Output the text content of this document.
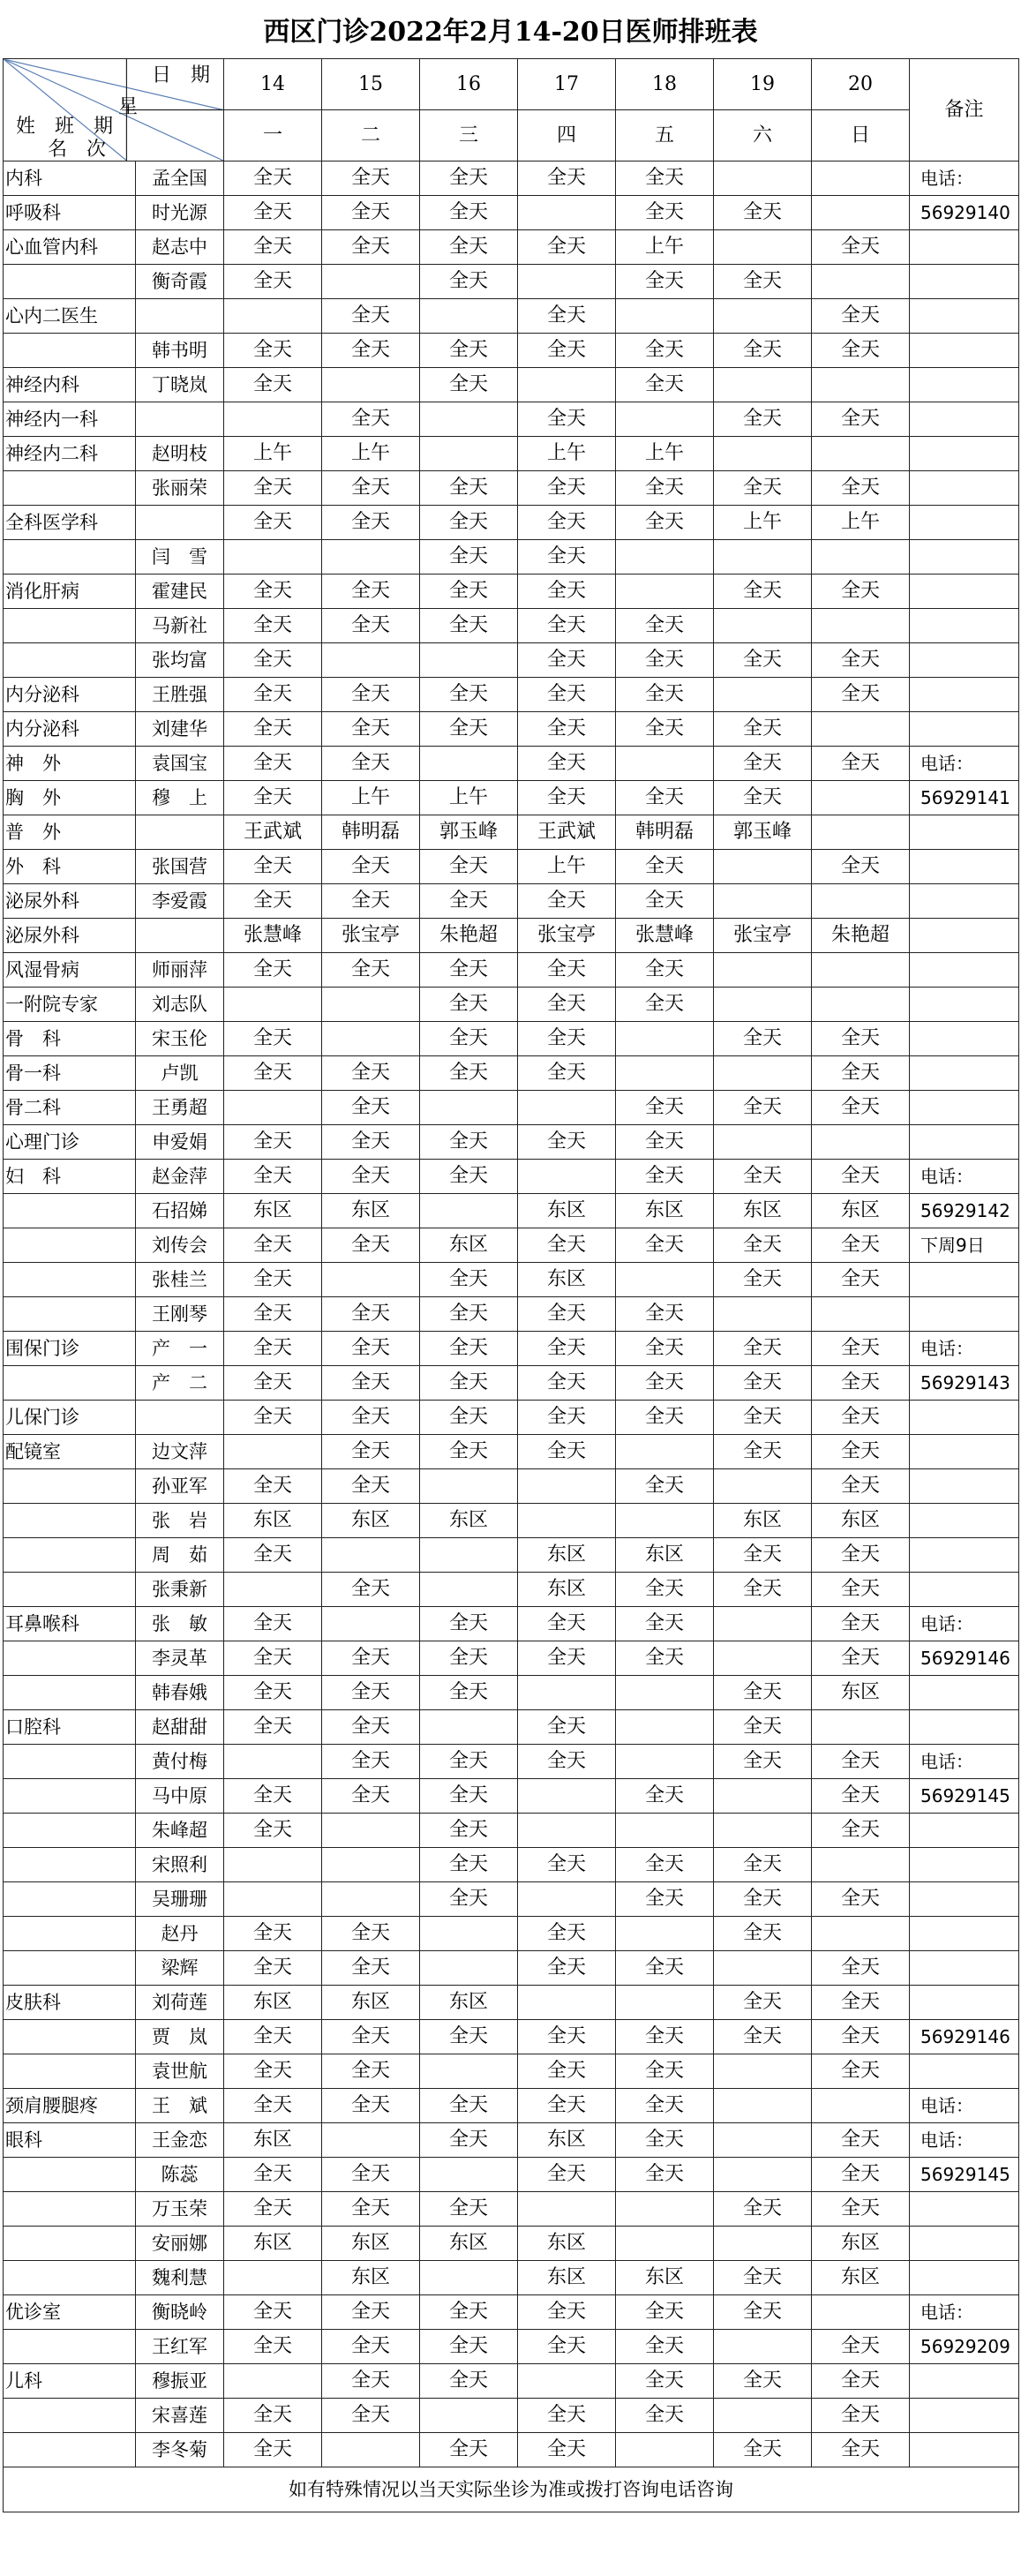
西区门诊2022年2月14-20日医师排班表
日　期
星
姓　班　期
名　次		14	15	16	17	18	19	20	备注
		一	二	三	四	五	六	日	
内科	孟全国	全天	全天	全天	全天	全天			电话：
呼吸科	时光源	全天	全天	全天		全天	全天		56929140
心血管内科	赵志中	全天	全天	全天	全天	上午		全天	
	衡奇霞	全天		全天		全天	全天		
心内二医生			全天		全天			全天	
	韩书明	全天	全天	全天	全天	全天	全天	全天	
神经内科	丁晓岚	全天		全天		全天			
神经内一科			全天		全天		全天	全天	
神经内二科	赵明枝	上午	上午		上午	上午			
	张丽荣	全天	全天	全天	全天	全天	全天	全天	
全科医学科		全天	全天	全天	全天	全天	上午	上午	
	闫　雪			全天	全天				
消化肝病	霍建民	全天	全天	全天	全天		全天	全天	
	马新社	全天	全天	全天	全天	全天			
	张均富	全天			全天	全天	全天	全天	
内分泌科	王胜强	全天	全天	全天	全天	全天		全天	
内分泌科	刘建华	全天	全天	全天	全天	全天	全天		
神　外	袁国宝	全天	全天		全天		全天	全天	电话：
胸　外	穆　上	全天	上午	上午	全天	全天	全天		56929141
普　外		王武斌	韩明磊	郭玉峰	王武斌	韩明磊	郭玉峰		
外　科	张国营	全天	全天	全天	上午	全天		全天	
泌尿外科	李爱霞	全天	全天	全天	全天	全天			
泌尿外科		张慧峰	张宝亭	朱艳超	张宝亭	张慧峰	张宝亭	朱艳超	
风湿骨病	师丽萍	全天	全天	全天	全天	全天			
一附院专家	刘志队			全天	全天	全天			
骨　科	宋玉伦	全天		全天	全天		全天	全天	
骨一科	卢凯	全天	全天	全天	全天			全天	
骨二科	王勇超		全天			全天	全天	全天	
心理门诊	申爱娟	全天	全天	全天	全天	全天			
妇　科	赵金萍	全天	全天	全天		全天	全天	全天	电话：
	石招娣	东区	东区		东区	东区	东区	东区	56929142
	刘传会	全天	全天	东区	全天	全天	全天	全天	下周9日
	张桂兰	全天		全天	东区		全天	全天	
	王刚琴	全天	全天	全天	全天	全天			
围保门诊	产　一	全天	全天	全天	全天	全天	全天	全天	电话：
	产　二	全天	全天	全天	全天	全天	全天	全天	56929143
儿保门诊		全天	全天	全天	全天	全天	全天	全天	
配镜室	边文萍		全天	全天	全天		全天	全天	
	孙亚军	全天	全天			全天		全天	
	张　岩	东区	东区	东区			东区	东区	
	周　茹	全天			东区	东区	全天	全天	
	张秉新		全天		东区	全天	全天	全天	
耳鼻喉科	张　敏	全天		全天	全天	全天		全天	电话：
	李灵革	全天	全天	全天	全天	全天		全天	56929146
	韩春娥	全天	全天	全天			全天	东区	
口腔科	赵甜甜	全天	全天		全天		全天		
	黄付梅		全天	全天	全天		全天	全天	电话：
	马中原	全天	全天	全天		全天		全天	56929145
	朱峰超	全天		全天				全天	
	宋照利			全天	全天	全天	全天		
	吴珊珊			全天		全天	全天	全天	
	赵丹	全天	全天		全天		全天		
	梁辉	全天	全天		全天	全天		全天	
皮肤科	刘荷莲	东区	东区	东区			全天	全天	
	贾　岚	全天	全天	全天	全天	全天	全天	全天	56929146
	袁世航	全天	全天		全天	全天		全天	
颈肩腰腿疼	王　斌	全天	全天	全天	全天	全天			电话：
眼科	王金恋	东区		全天	东区	全天		全天	电话：
	陈蕊	全天	全天		全天	全天		全天	56929145
	万玉荣	全天	全天	全天			全天	全天	
	安丽娜	东区	东区	东区	东区			东区	
	魏利慧		东区		东区	东区	全天	东区	
优诊室	衡晓岭	全天	全天	全天	全天	全天	全天		电话：
	王红军	全天	全天	全天	全天	全天		全天	56929209
儿科	穆振亚		全天	全天		全天	全天	全天	
	宋喜莲	全天	全天		全天	全天		全天	
	李冬菊	全天		全天	全天		全天	全天	
如有特殊情况以当天实际坐诊为准或拨打咨询电话咨询									
